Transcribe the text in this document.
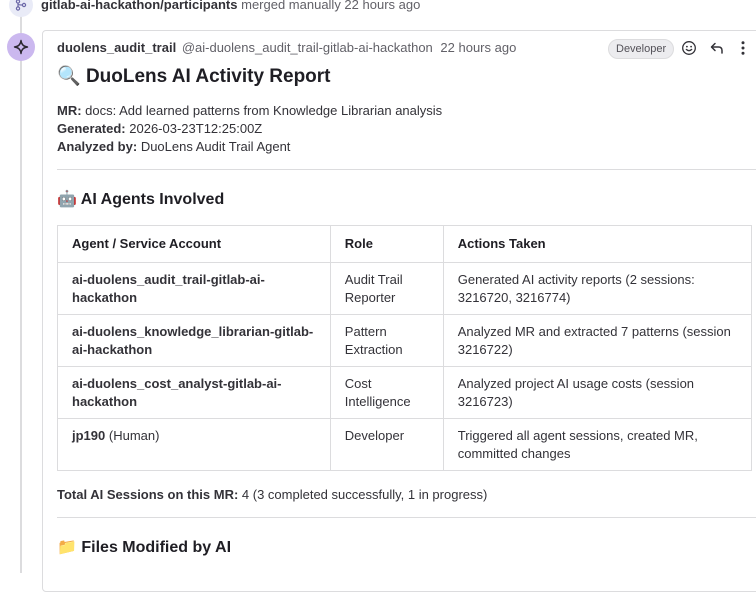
gitlab-ai-hackathon/participants merged manually 22 hours ago
duolens_audit_trail @ai-duolens_audit_trail-gitlab-ai-hackathon 22 hours ago	Developer
🔍 DuoLens AI Activity Report
MR: docs: Add learned patterns from Knowledge Librarian analysis
Generated: 2026-03-23T12:25:00Z
Analyzed by: DuoLens Audit Trail Agent
🤖 AI Agents Involved
Agent / Service Account	Role	Actions Taken
ai-duolens_audit_trail-gitlab-ai-hackathon	Audit Trail Reporter	Generated AI activity reports (2 sessions: 3216720, 3216774)
ai-duolens_knowledge_librarian-gitlab-ai-hackathon	Pattern Extraction	Analyzed MR and extracted 7 patterns (session 3216722)
ai-duolens_cost_analyst-gitlab-ai-hackathon	Cost Intelligence	Analyzed project AI usage costs (session 3216723)
jp190 (Human)	Developer	Triggered all agent sessions, created MR, committed changes
Total AI Sessions on this MR: 4 (3 completed successfully, 1 in progress)
📁 Files Modified by AI
